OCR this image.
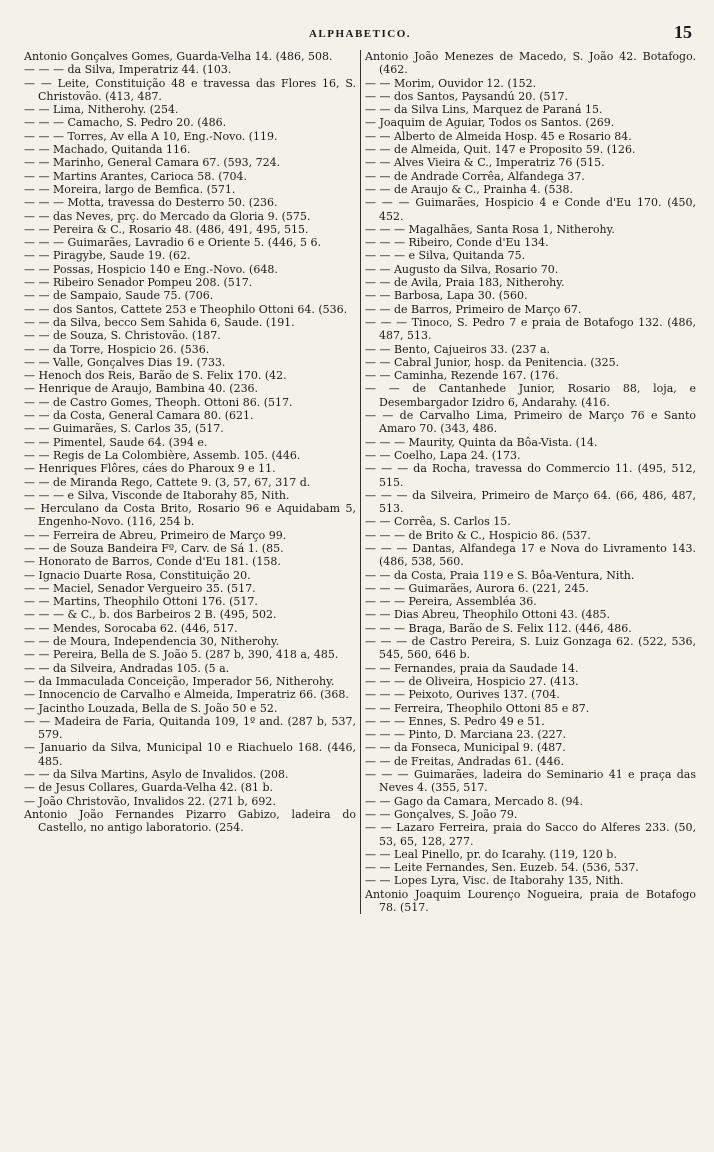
ALPHABETICO.	15
Antonio Gonçalves Gomes, Guarda-Velha 14. (486, 508.
— — — da Silva, Imperatriz 44. (103.
— — Leite, Constituição 48 e travessa das Flores 16, S. Christovão. (413, 487.
— — Lima, Nitherohy. (254.
— — — Camacho, S. Pedro 20. (486.
— — — Torres, Av ella A 10, Eng.-Novo. (119.
— — Machado, Quitanda 116.
— — Marinho, General Camara 67. (593, 724.
— — Martins Arantes, Carioca 58. (704.
— — Moreira, largo de Bemfica. (571.
— — — Motta, travessa do Desterro 50. (236.
— — das Neves, prç. do Mercado da Gloria 9. (575.
— — Pereira & C., Rosario 48. (486, 491, 495, 515.
— — — Guimarães, Lavradio 6 e Oriente 5. (446, 5 6.
— — Piragybe, Saude 19. (62.
— — Possas, Hospicio 140 e Eng.-Novo. (648.
— — Ribeiro Senador Pompeu 208. (517.
— — de Sampaio, Saude 75. (706.
— — dos Santos, Cattete 253 e Theophilo Ottoni 64. (536.
— — da Silva, becco Sem Sahida 6, Saude. (191.
— — de Souza, S. Christovão. (187.
— — da Torre, Hospicio 26. (536.
— — Valle, Gonçalves Dias 19. (733.
— Henoch dos Reis, Barão de S. Felix 170. (42.
— Henrique de Araujo, Bambina 40. (236.
— — de Castro Gomes, Theoph. Ottoni 86. (517.
— — da Costa, General Camara 80. (621.
— — Guimarães, S. Carlos 35, (517.
— — Pimentel, Saude 64. (394 e.
— — Regis de La Colombière, Assemb. 105. (446.
— Henriques Flôres, cáes do Pharoux 9 e 11.
— — de Miranda Rego, Cattete 9. (3, 57, 67, 317 d.
— — — e Silva, Visconde de Itaborahy 85, Nith.
— Herculano da Costa Brito, Rosario 96 e Aquidabam 5, Engenho-Novo. (116, 254 b.
— — Ferreira de Abreu, Primeiro de Março 99.
— — de Souza Bandeira Fº, Carv. de Sá 1. (85.
— Honorato de Barros, Conde d'Eu 181. (158.
— Ignacio Duarte Rosa, Constituição 20.
— — Maciel, Senador Vergueiro 35. (517.
— — Martins, Theophilo Ottoni 176. (517.
— — — & C., b. dos Barbeiros 2 B. (495, 502.
— — Mendes, Sorocaba 62. (446, 517.
— — de Moura, Independencia 30, Nitherohy.
— — Pereira, Bella de S. João 5. (287 b, 390, 418 a, 485.
— — da Silveira, Andradas 105. (5 a.
— da Immaculada Conceição, Imperador 56, Nitherohy.
— Innocencio de Carvalho e Almeida, Imperatriz 66. (368.
— Jacintho Louzada, Bella de S. João 50 e 52.
— — Madeira de Faria, Quitanda 109, 1º and. (287 b, 537, 579.
— Januario da Silva, Municipal 10 e Riachuelo 168. (446, 485.
— — da Silva Martins, Asylo de Invalidos. (208.
— de Jesus Collares, Guarda-Velha 42. (81 b.
— João Christovão, Invalidos 22. (271 b, 692.
Antonio João Fernandes Pizarro Gabizo, ladeira do Castello, no antigo laboratorio. (254.
Antonio João Menezes de Macedo, S. João 42. Botafogo. (462.
— — Morim, Ouvidor 12. (152.
— — dos Santos, Paysandú 20. (517.
— — da Silva Lins, Marquez de Paraná 15.
— Joaquim de Aguiar, Todos os Santos. (269.
— — Alberto de Almeida Hosp. 45 e Rosario 84.
— — de Almeida, Quit. 147 e Proposito 59. (126.
— — Alves Vieira & C., Imperatriz 76 (515.
— — de Andrade Corrêa, Alfandega 37.
— — de Araujo & C., Prainha 4. (538.
— — — Guimarães, Hospicio 4 e Conde d'Eu 170. (450, 452.
— — — Magalhães, Santa Rosa 1, Nitherohy.
— — — Ribeiro, Conde d'Eu 134.
— — — e Silva, Quitanda 75.
— — Augusto da Silva, Rosario 70.
— — de Avila, Praia 183, Nitherohy.
— — Barbosa, Lapa 30. (560.
— — de Barros, Primeiro de Março 67.
— — — Tinoco, S. Pedro 7 e praia de Botafogo 132. (486, 487, 513.
— — Bento, Cajueiros 33. (237 a.
— — Cabral Junior, hosp. da Penitencia. (325.
— — Caminha, Rezende 167. (176.
— — de Cantanhede Junior, Rosario 88, loja, e Desembargador Izidro 6, Andarahy. (416.
— — de Carvalho Lima, Primeiro de Março 76 e Santo Amaro 70. (343, 486.
— — — Maurity, Quinta da Bôa-Vista. (14.
— — Coelho, Lapa 24. (173.
— — — da Rocha, travessa do Commercio 11. (495, 512, 515.
— — — da Silveira, Primeiro de Março 64. (66, 486, 487, 513.
— — Corrêa, S. Carlos 15.
— — — de Brito & C., Hospicio 86. (537.
— — — Dantas, Alfandega 17 e Nova do Livramento 143. (486, 538, 560.
— — da Costa, Praia 119 e S. Bôa-Ventura, Nith.
— — — Guimarães, Aurora 6. (221, 245.
— — — Pereira, Assembléa 36.
— — Dias Abreu, Theophilo Ottoni 43. (485.
— — — Braga, Barão de S. Felix 112. (446, 486.
— — — de Castro Pereira, S. Luiz Gonzaga 62. (522, 536, 545, 560, 646 b.
— — Fernandes, praia da Saudade 14.
— — — de Oliveira, Hospicio 27. (413.
— — — Peixoto, Ourives 137. (704.
— — Ferreira, Theophilo Ottoni 85 e 87.
— — — Ennes, S. Pedro 49 e 51.
— — — Pinto, D. Marciana 23. (227.
— — da Fonseca, Municipal 9. (487.
— — de Freitas, Andradas 61. (446.
— — — Guimarães, ladeira do Seminario 41 e praça das Neves 4. (355, 517.
— — Gago da Camara, Mercado 8. (94.
— — Gonçalves, S. João 79.
— — Lazaro Ferreira, praia do Sacco do Alferes 233. (50, 53, 65, 128, 277.
— — Leal Pinello, pr. do Icarahy. (119, 120 b.
— — Leite Fernandes, Sen. Euzeb. 54. (536, 537.
— — Lopes Lyra, Visc. de Itaborahy 135, Nith.
Antonio Joaquim Lourenço Nogueira, praia de Botafogo 78. (517.
